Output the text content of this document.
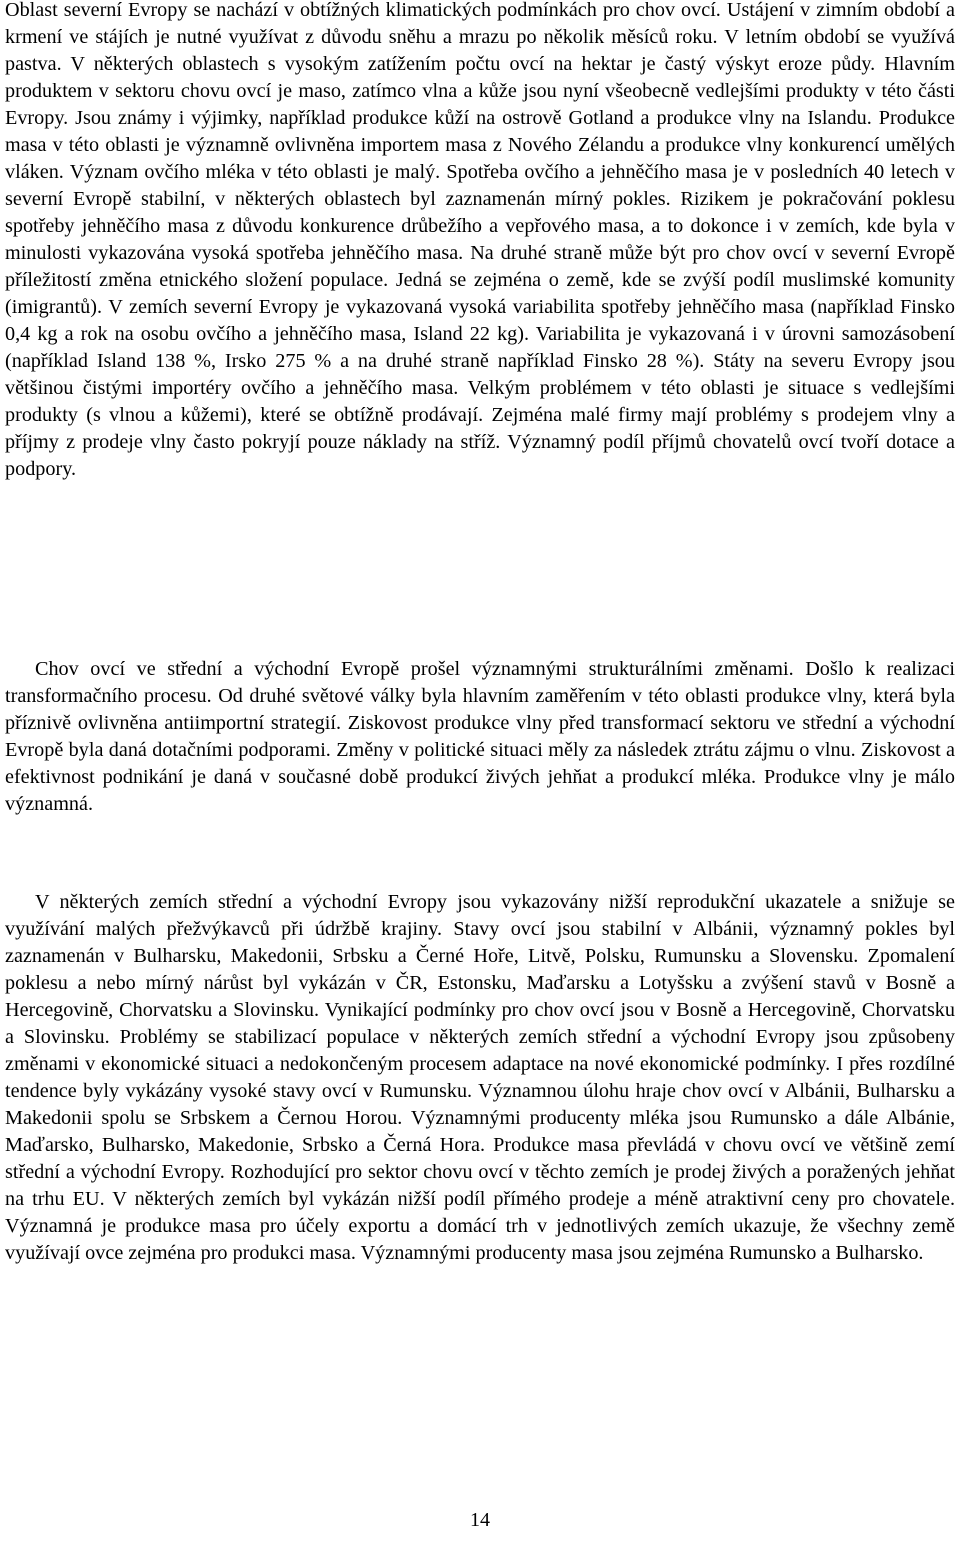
Oblast severní Evropy se nachází v obtížných klimatických podmínkách pro chov ovcí. Ustájení v zimním období a krmení ve stájích je nutné využívat z důvodu sněhu a mrazu po několik měsíců roku. V letním období se využívá pastva. V některých oblastech s vysokým zatížením počtu ovcí na hektar je častý výskyt eroze půdy. Hlavním produktem v sektoru chovu ovcí je maso, zatímco vlna a kůže jsou nyní všeobecně vedlejšími produkty v této části Evropy. Jsou známy i výjimky, například produkce kůží na ostrově Gotland a produkce vlny na Islandu. Produkce masa v této oblasti je významně ovlivněna importem masa z Nového Zélandu a produkce vlny konkurencí umělých vláken. Význam ovčího mléka v této oblasti je malý. Spotřeba ovčího a jehněčího masa je v posledních 40 letech v severní Evropě stabilní, v některých oblastech byl zaznamenán mírný pokles. Rizikem je pokračování poklesu spotřeby jehněčího masa z důvodu konkurence drůbežího a vepřového masa, a to dokonce i v zemích, kde byla v minulosti vykazována vysoká spotřeba jehněčího masa. Na druhé straně může být pro chov ovcí v severní Evropě příležitostí změna etnického složení populace. Jedná se zejména o země, kde se zvýší podíl muslimské komunity (imigrantů). V zemích severní Evropy je vykazovaná vysoká variabilita spotřeby jehněčího masa (například Finsko 0,4 kg a rok na osobu ovčího a jehněčího masa, Island 22 kg). Variabilita je vykazovaná i v úrovni samozásobení (například Island 138 %, Irsko 275 % a na druhé straně například Finsko 28 %). Státy na severu Evropy jsou většinou čistými importéry ovčího a jehněčího masa. Velkým problémem v této oblasti je situace s vedlejšími produkty (s vlnou a kůžemi), které se obtížně prodávají. Zejména malé firmy mají problémy s prodejem vlny a příjmy z prodeje vlny často pokryjí pouze náklady na stříž. Významný podíl příjmů chovatelů ovcí tvoří dotace a podpory.

Chov ovcí ve střední a východní Evropě prošel významnými strukturálními změnami. Došlo k realizaci transformačního procesu. Od druhé světové války byla hlavním zaměřením v této oblasti produkce vlny, která byla příznivě ovlivněna antiimportní strategií. Ziskovost produkce vlny před transformací sektoru ve střední a východní Evropě byla daná dotačními podporami. Změny v politické situaci měly za následek ztrátu zájmu o vlnu. Ziskovost a efektivnost podnikání je daná v současné době produkcí živých jehňat a produkcí mléka. Produkce vlny je málo významná.

V některých zemích střední a východní Evropy jsou vykazovány nižší reprodukční ukazatele a snižuje se využívání malých přežvýkavců při údržbě krajiny. Stavy ovcí jsou stabilní v Albánii, významný pokles byl zaznamenán v Bulharsku, Makedonii, Srbsku a Černé Hoře, Litvě, Polsku, Rumunsku a Slovensku. Zpomalení poklesu a nebo mírný nárůst byl vykázán v ČR, Estonsku, Maďarsku a Lotyšsku a zvýšení stavů v Bosně a Hercegovině, Chorvatsku a Slovinsku. Vynikající podmínky pro chov ovcí jsou v Bosně a Hercegovině, Chorvatsku a Slovinsku. Problémy se stabilizací populace v některých zemích střední a východní Evropy jsou způsobeny změnami v ekonomické situaci a nedokončeným procesem adaptace na nové ekonomické podmínky. I přes rozdílné tendence byly vykázány vysoké stavy ovcí v Rumunsku. Významnou úlohu hraje chov ovcí v Albánii, Bulharsku a Makedonii spolu se Srbskem a Černou Horou. Významnými producenty mléka jsou Rumunsko a dále Albánie, Maďarsko, Bulharsko, Makedonie, Srbsko a Černá Hora. Produkce masa převládá v chovu ovcí ve většině zemí střední a východní Evropy. Rozhodující pro sektor chovu ovcí v těchto zemích je prodej živých a poražených jehňat na trhu EU. V některých zemích byl vykázán nižší podíl přímého prodeje a méně atraktivní ceny pro chovatele. Významná je produkce masa pro účely exportu a domácí trh v jednotlivých zemích ukazuje, že všechny země využívají ovce zejména pro produkci masa. Významnými producenty masa jsou zejména Rumunsko a Bulharsko.

14
